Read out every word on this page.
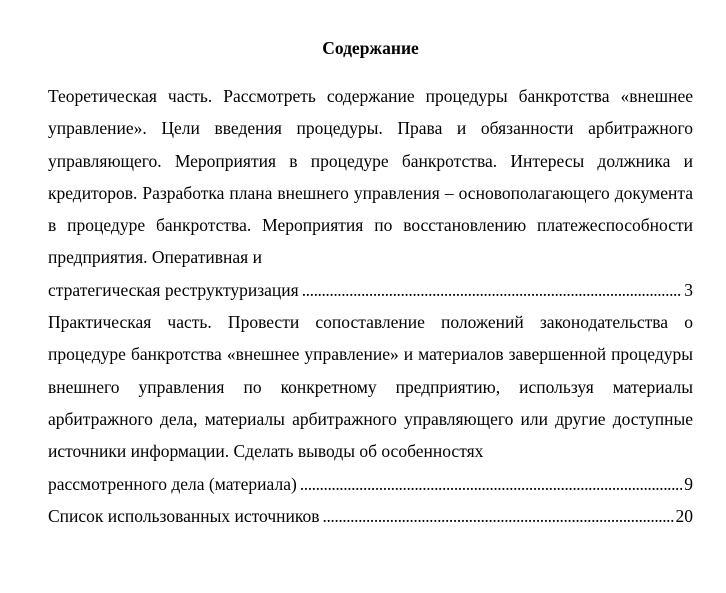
Содержание
Теоретическая часть. Рассмотреть содержание процедуры банкротства «внешнее управление». Цели введения процедуры. Права и обязанности арбитражного управляющего. Мероприятия в процедуре банкротства. Интересы должника и кредиторов. Разработка плана внешнего управления – основополагающего документа в процедуре банкротства. Мероприятия по восстановлению платежеспособности предприятия. Оперативная и
стратегическая реструктуризация . . .	3
Практическая часть. Провести сопоставление положений законодательства о процедуре банкротства «внешнее управление» и материалов завершенной процедуры внешнего управления по конкретному предприятию, используя материалы арбитражного дела, материалы арбитражного управляющего или другие доступные источники информации. Сделать выводы об особенностях
рассмотренного дела (материала) . . .	9
Список использованных источников . . .	20
